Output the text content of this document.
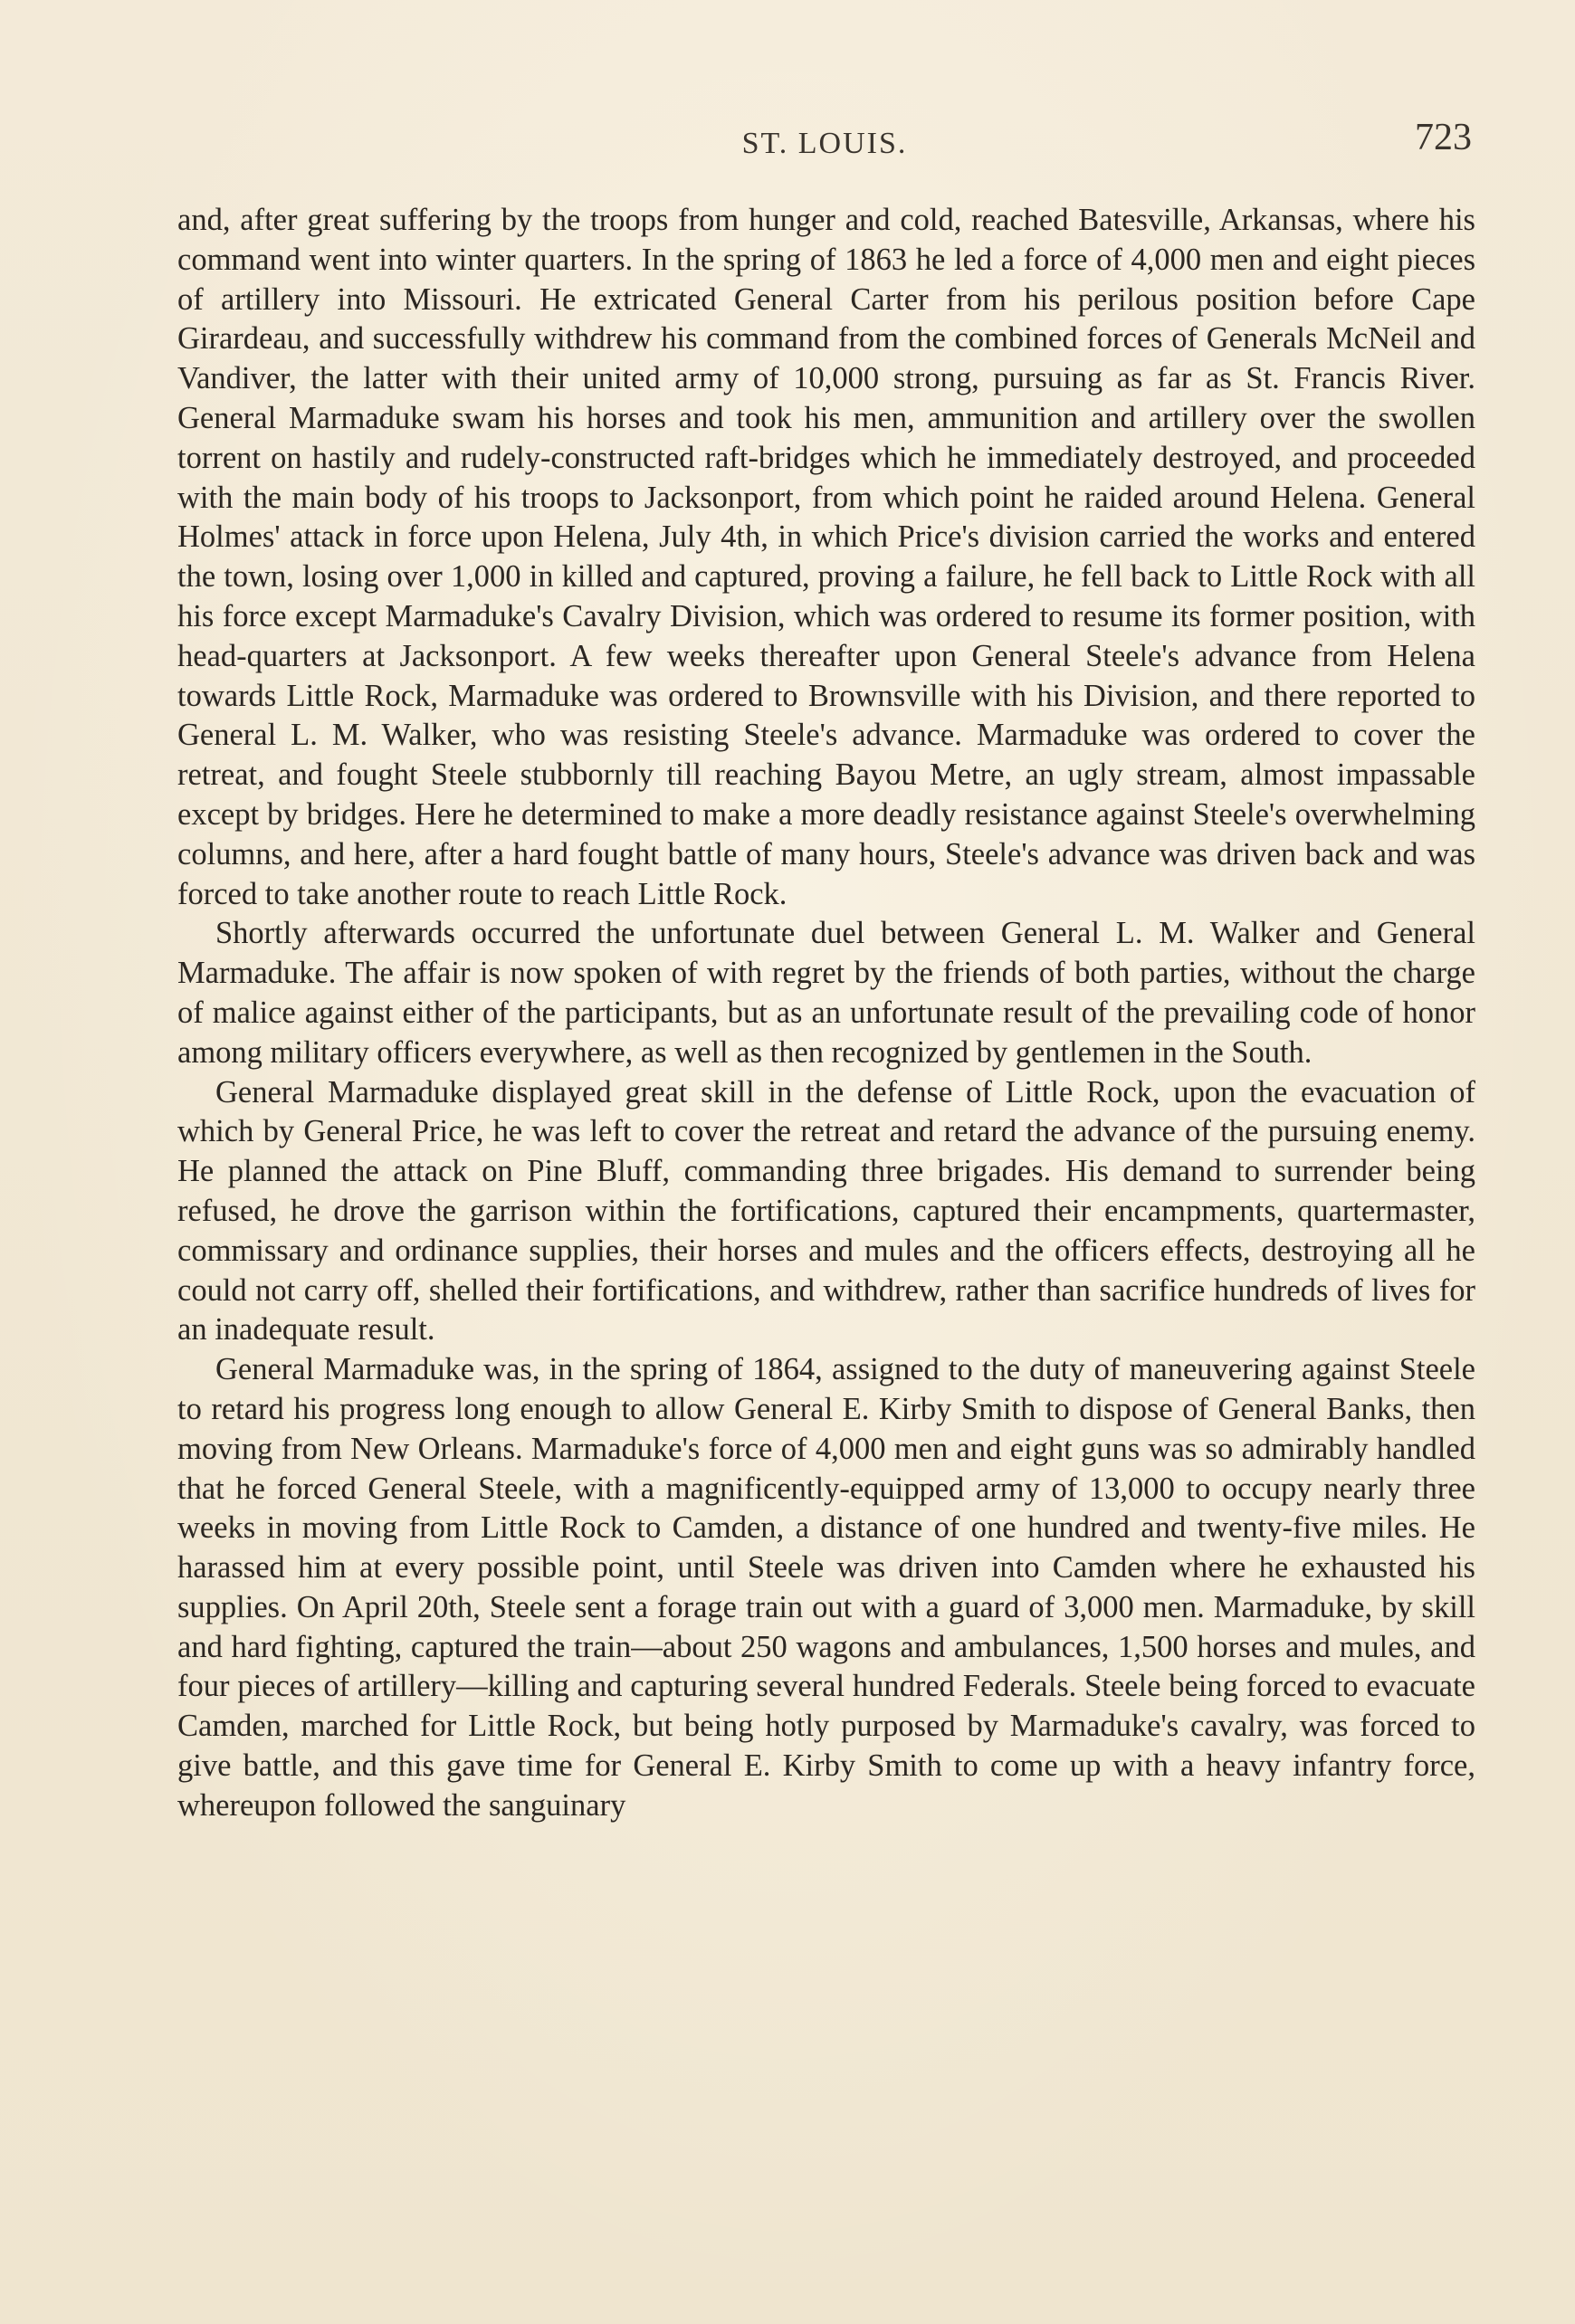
ST. LOUIS.	723

and, after great suffering by the troops from hunger and cold, reached Batesville, Arkansas, where his command went into winter quarters. In the spring of 1863 he led a force of 4,000 men and eight pieces of artillery into Missouri. He extricated General Carter from his perilous position before Cape Girardeau, and successfully withdrew his command from the combined forces of Generals McNeil and Vandiver, the latter with their united army of 10,000 strong, pursuing as far as St. Francis River. General Marmaduke swam his horses and took his men, ammunition and artillery over the swollen torrent on hastily and rudely-constructed raft-bridges which he immediately destroyed, and proceeded with the main body of his troops to Jacksonport, from which point he raided around Helena. General Holmes' attack in force upon Helena, July 4th, in which Price's division carried the works and entered the town, losing over 1,000 in killed and captured, proving a failure, he fell back to Little Rock with all his force except Marmaduke's Cavalry Division, which was ordered to resume its former position, with head-quarters at Jacksonport. A few weeks thereafter upon General Steele's advance from Helena towards Little Rock, Marmaduke was ordered to Brownsville with his Division, and there reported to General L. M. Walker, who was resisting Steele's advance. Marmaduke was ordered to cover the retreat, and fought Steele stubbornly till reaching Bayou Metre, an ugly stream, almost impassable except by bridges. Here he determined to make a more deadly resistance against Steele's overwhelming columns, and here, after a hard fought battle of many hours, Steele's advance was driven back and was forced to take another route to reach Little Rock.

Shortly afterwards occurred the unfortunate duel between General L. M. Walker and General Marmaduke. The affair is now spoken of with regret by the friends of both parties, without the charge of malice against either of the participants, but as an unfortunate result of the prevailing code of honor among military officers everywhere, as well as then recognized by gentlemen in the South.

General Marmaduke displayed great skill in the defense of Little Rock, upon the evacuation of which by General Price, he was left to cover the retreat and retard the advance of the pursuing enemy. He planned the attack on Pine Bluff, commanding three brigades. His demand to surrender being refused, he drove the garrison within the fortifications, captured their encampments, quartermaster, commissary and ordinance supplies, their horses and mules and the officers effects, destroying all he could not carry off, shelled their fortifications, and withdrew, rather than sacrifice hundreds of lives for an inadequate result.

General Marmaduke was, in the spring of 1864, assigned to the duty of maneuvering against Steele to retard his progress long enough to allow General E. Kirby Smith to dispose of General Banks, then moving from New Orleans. Marmaduke's force of 4,000 men and eight guns was so admirably handled that he forced General Steele, with a magnificently-equipped army of 13,000 to occupy nearly three weeks in moving from Little Rock to Camden, a distance of one hundred and twenty-five miles. He harassed him at every possible point, until Steele was driven into Camden where he exhausted his supplies. On April 20th, Steele sent a forage train out with a guard of 3,000 men. Marmaduke, by skill and hard fighting, captured the train—about 250 wagons and ambulances, 1,500 horses and mules, and four pieces of artillery—killing and capturing several hundred Federals. Steele being forced to evacuate Camden, marched for Little Rock, but being hotly purposed by Marmaduke's cavalry, was forced to give battle, and this gave time for General E. Kirby Smith to come up with a heavy infantry force, whereupon followed the sanguinary
